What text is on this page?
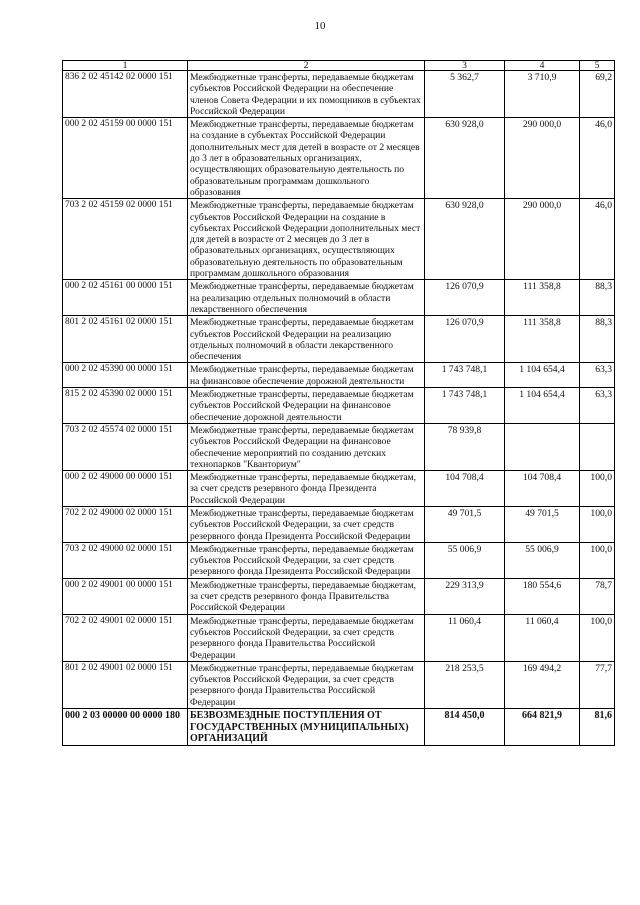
10
1	2	3	4	5
836 2 02 45142 02 0000 151	Межбюджетные трансферты, передаваемые бюджетам субъектов Российской Федерации на обеспечение членов Совета Федерации и их помощников в субъектах Российской Федерации	5 362,7	3 710,9	69,2
000 2 02 45159 00 0000 151	Межбюджетные трансферты, передаваемые бюджетам на создание в субъектах Российской Федерации дополнительных мест для детей в возрасте от 2 месяцев до 3 лет в образовательных организациях, осуществляющих образовательную деятельность по образовательным программам дошкольного образования	630 928,0	290 000,0	46,0
703 2 02 45159 02 0000 151	Межбюджетные трансферты, передаваемые бюджетам субъектов Российской Федерации на создание в субъектах Российской Федерации дополнительных мест для детей в возрасте от 2 месяцев до 3 лет в образовательных организациях, осуществляющих образовательную деятельность по образовательным программам дошкольного образования	630 928,0	290 000,0	46,0
000 2 02 45161 00 0000 151	Межбюджетные трансферты, передаваемые бюджетам на реализацию отдельных полномочий в области лекарственного обеспечения	126 070,9	111 358,8	88,3
801 2 02 45161 02 0000 151	Межбюджетные трансферты, передаваемые бюджетам субъектов Российской Федерации на реализацию отдельных полномочий в области лекарственного обеспечения	126 070,9	111 358,8	88,3
000 2 02 45390 00 0000 151	Межбюджетные трансферты, передаваемые бюджетам на финансовое обеспечение дорожной деятельности	1 743 748,1	1 104 654,4	63,3
815 2 02 45390 02 0000 151	Межбюджетные трансферты, передаваемые бюджетам субъектов Российской Федерации на финансовое обеспечение дорожной деятельности	1 743 748,1	1 104 654,4	63,3
703 2 02 45574 02 0000 151	Межбюджетные трансферты, передаваемые бюджетам субъектов Российской Федерации на финансовое обеспечение мероприятий по созданию детских технопарков "Кванториум"	78 939,8		
000 2 02 49000 00 0000 151	Межбюджетные трансферты, передаваемые бюджетам, за счет средств резервного фонда Президента Российской Федерации	104 708,4	104 708,4	100,0
702 2 02 49000 02 0000 151	Межбюджетные трансферты, передаваемые бюджетам субъектов Российской Федерации, за счет средств резервного фонда Президента Российской Федерации	49 701,5	49 701,5	100,0
703 2 02 49000 02 0000 151	Межбюджетные трансферты, передаваемые бюджетам субъектов Российской Федерации, за счет средств резервного фонда Президента Российской Федерации	55 006,9	55 006,9	100,0
000 2 02 49001 00 0000 151	Межбюджетные трансферты, передаваемые бюджетам, за счет средств резервного фонда Правительства Российской Федерации	229 313,9	180 554,6	78,7
702 2 02 49001 02 0000 151	Межбюджетные трансферты, передаваемые бюджетам субъектов Российской Федерации, за счет средств резервного фонда Правительства Российской Федерации	11 060,4	11 060,4	100,0
801 2 02 49001 02 0000 151	Межбюджетные трансферты, передаваемые бюджетам субъектов Российской Федерации, за счет средств резервного фонда Правительства Российской Федерации	218 253,5	169 494,2	77,7
000 2 03 00000 00 0000 180	БЕЗВОЗМЕЗДНЫЕ ПОСТУПЛЕНИЯ ОТ ГОСУДАРСТВЕННЫХ (МУНИЦИПАЛЬНЫХ) ОРГАНИЗАЦИЙ	814 450,0	664 821,9	81,6
